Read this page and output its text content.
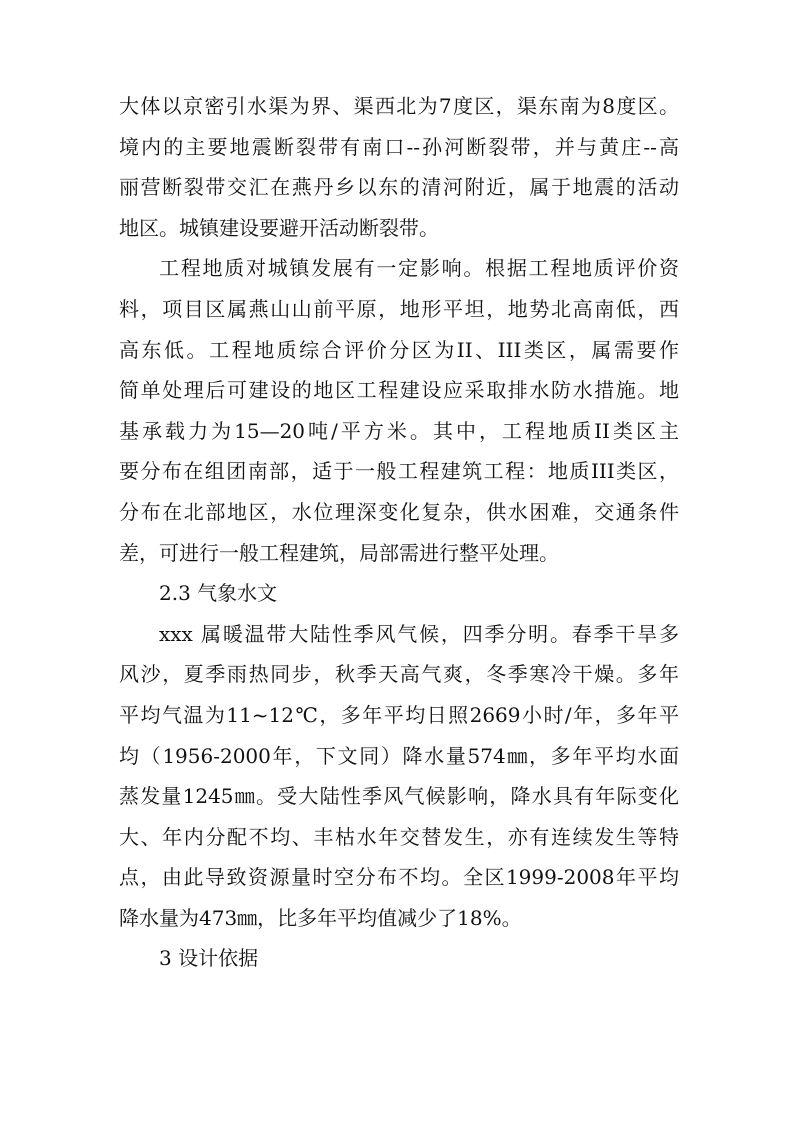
大体以京密引水渠为界、渠西北为7度区，渠东南为8度区。
境内的主要地震断裂带有南口--孙河断裂带，并与黄庄--高
丽营断裂带交汇在燕丹乡以东的清河附近，属于地震的活动
地区。城镇建设要避开活动断裂带。
工程地质对城镇发展有一定影响。根据工程地质评价资
料，项目区属燕山山前平原，地形平坦，地势北高南低，西
高东低。工程地质综合评价分区为II、III类区，属需要作
简单处理后可建设的地区工程建设应采取排水防水措施。地
基承载力为15—20吨/平方米。其中，工程地质II类区主
要分布在组团南部，适于一般工程建筑工程：地质III类区，
分布在北部地区，水位理深变化复杂，供水困难，交通条件
差，可进行一般工程建筑，局部需进行整平处理。
2.3 气象水文
xxx 属暖温带大陆性季风气候，四季分明。春季干旱多
风沙，夏季雨热同步，秋季天高气爽，冬季寒冷干燥。多年
平均气温为11~12℃，多年平均日照2669小时/年，多年平
均（1956-2000年，下文同）降水量574㎜，多年平均水面
蒸发量1245㎜。受大陆性季风气候影响，降水具有年际变化
大、年内分配不均、丰枯水年交替发生，亦有连续发生等特
点，由此导致资源量时空分布不均。全区1999-2008年平均
降水量为473㎜，比多年平均值减少了18%。
3 设计依据
